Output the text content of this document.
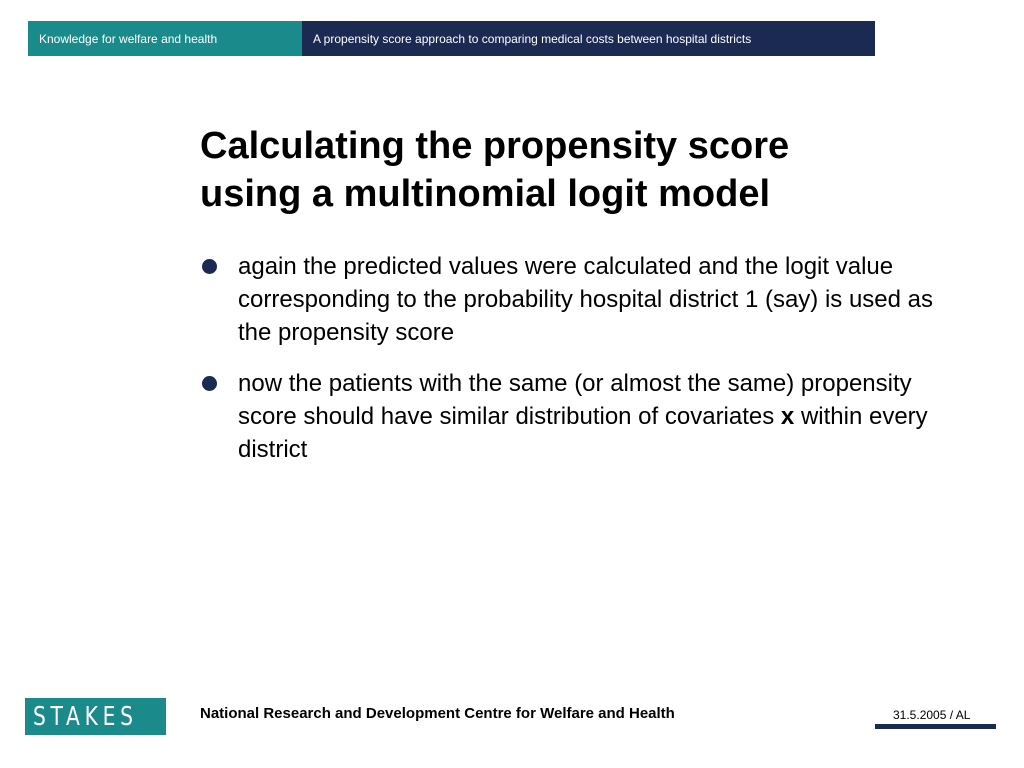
Knowledge for welfare and health	A propensity score approach to comparing medical costs between hospital districts
Calculating the propensity score
using a multinomial logit model
again the predicted values were calculated and the logit value corresponding to the probability hospital district 1 (say) is used as the propensity score
now the patients with the same (or almost the same) propensity score should have similar distribution of covariates x within every district
STAKES	National Research and Development Centre for Welfare and Health	31.5.2005 / AL
